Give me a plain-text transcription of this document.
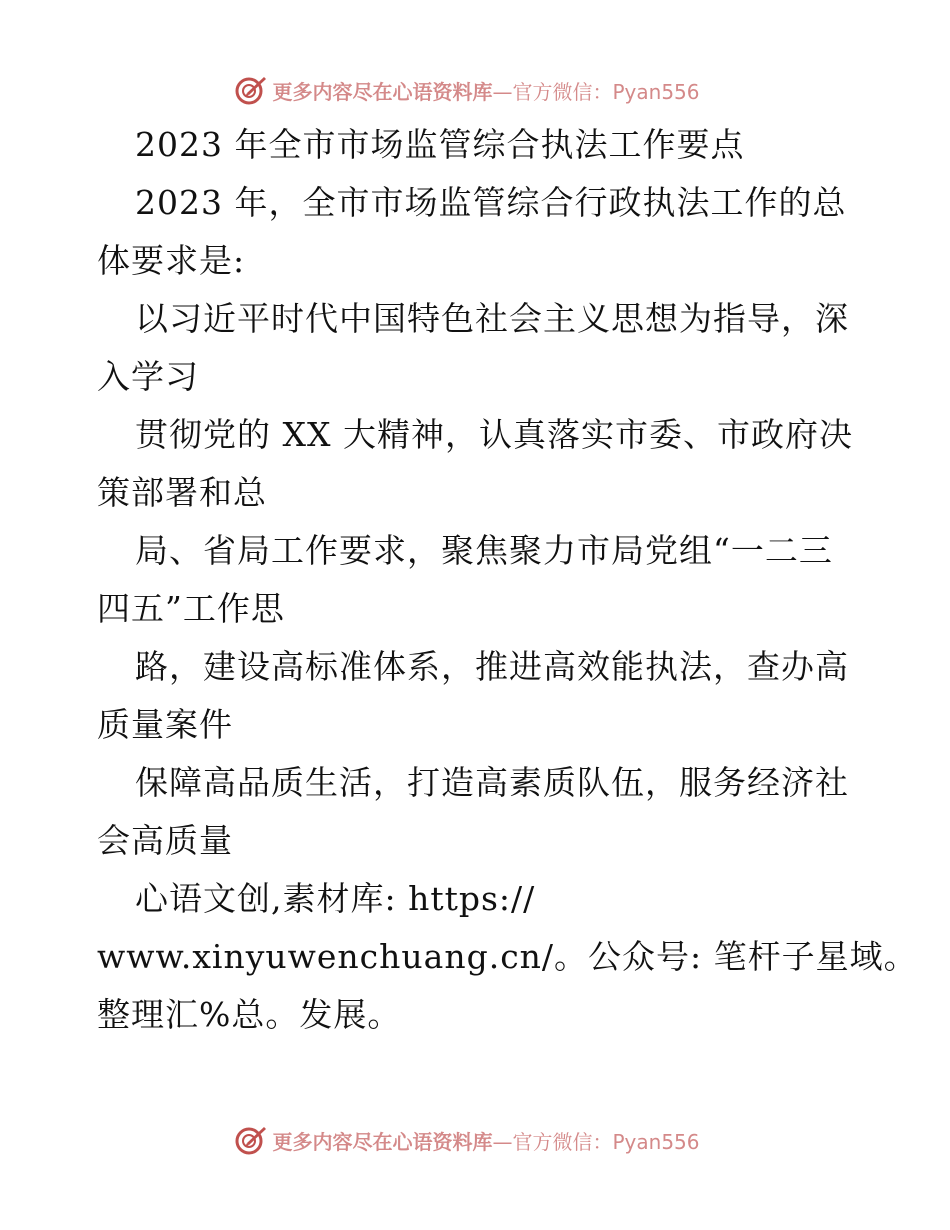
更多内容尽在心语资料库—官方微信：Pyan556
2023 年全市市场监管综合执法工作要点
2023 年，全市市场监管综合行政执法工作的总
体要求是:
以习近平时代中国特色社会主义思想为指导，深
入学习
贯彻党的 XX 大精神，认真落实市委、市政府决
策部署和总
局、省局工作要求，聚焦聚力市局党组“一二三
四五”工作思
路，建设高标准体系，推进高效能执法，查办高
质量案件
保障高品质生活，打造高素质队伍，服务经济社
会高质量
心语文创,素材库: https://
www.xinyuwenchuang.cn/。公众号: 笔杆子星域。
整理汇%总。发展。
更多内容尽在心语资料库—官方微信：Pyan556
